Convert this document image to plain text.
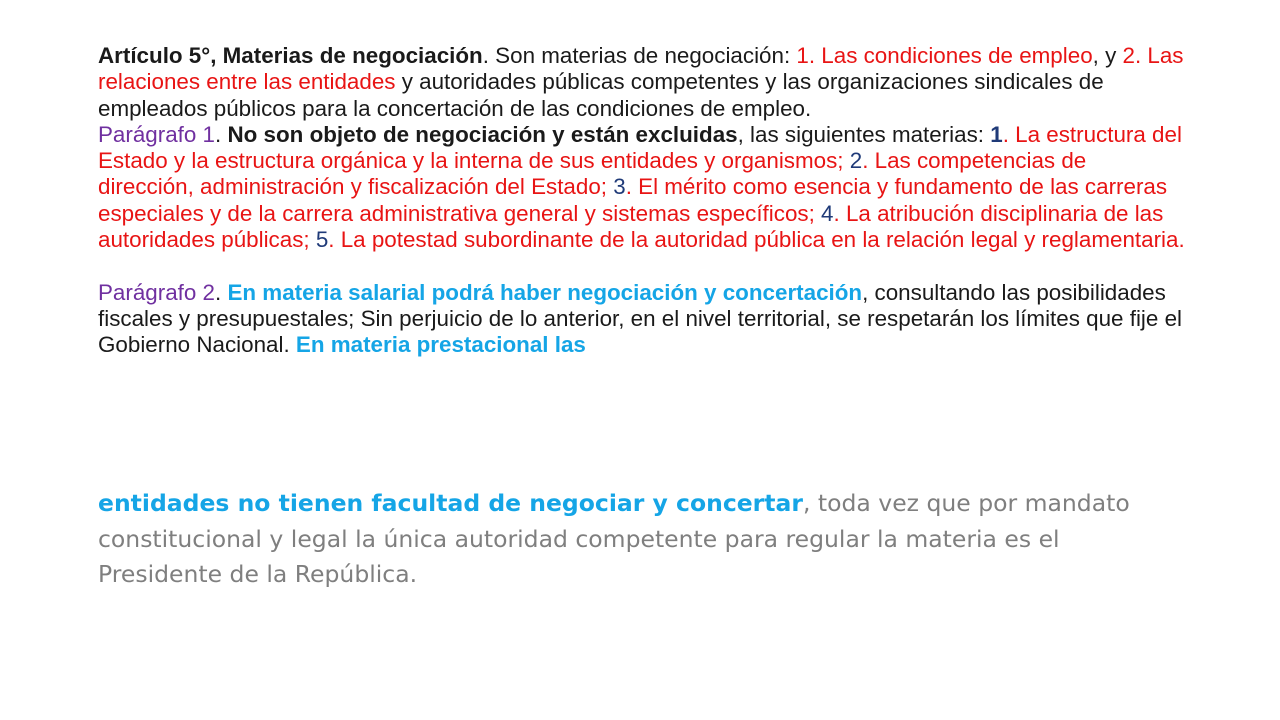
Artículo 5°, Materias de negociación. Son materias de negociación: 1. Las condiciones de empleo, y 2. Las relaciones entre las entidades y autoridades públicas competentes y las organizaciones sindicales de empleados públicos para la concertación de las condiciones de empleo.
Parágrafo 1. No son objeto de negociación y están excluidas, las siguientes materias: 1. La estructura del Estado y la estructura orgánica y la interna de sus entidades y organismos; 2. Las competencias de dirección, administración y fiscalización del Estado; 3. El mérito como esencia y fundamento de las carreras especiales y de la carrera administrativa general y sistemas específicos; 4. La atribución disciplinaria de las autoridades públicas; 5. La potestad subordinante de la autoridad pública en la relación legal y reglamentaria.

Parágrafo 2. En materia salarial podrá haber negociación y concertación, consultando las posibilidades fiscales y presupuestales; Sin perjuicio de lo anterior, en el nivel territorial, se respetarán los límites que fije el Gobierno Nacional. En materia prestacional las

entidades no tienen facultad de negociar y concertar, toda vez que por mandato constitucional y legal la única autoridad competente para regular la materia es el Presidente de la República.
